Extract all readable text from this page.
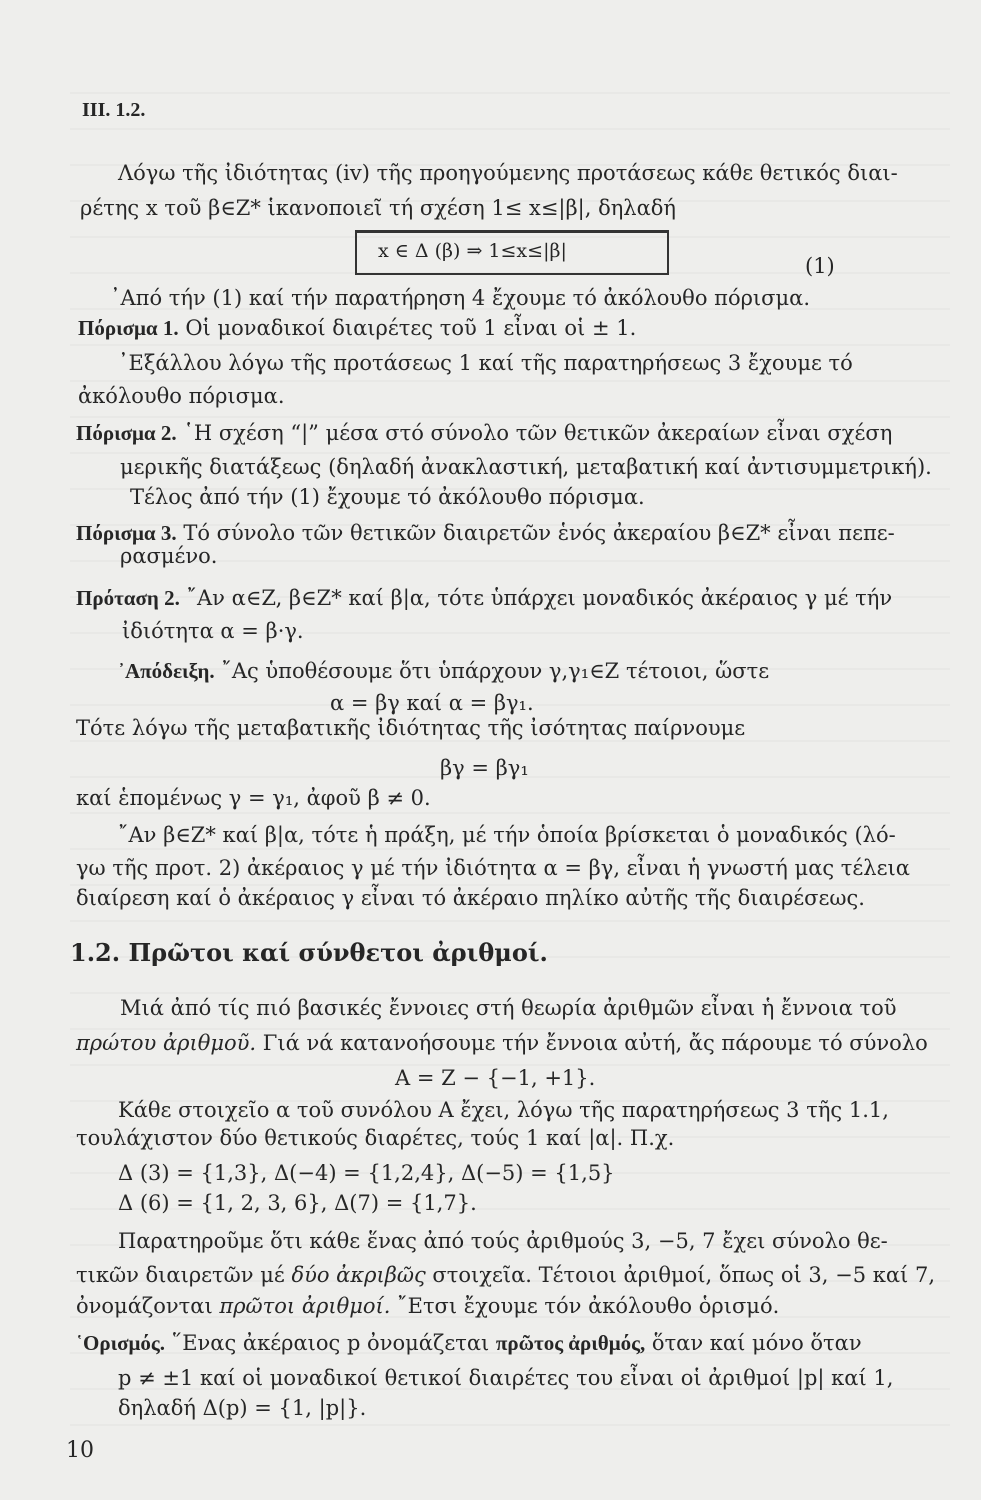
ΙΙΙ. 1.2.
Λόγω τῆς ἰδιότητας (iv) τῆς προηγούμενης προτάσεως κάθε θετικός διαι-
ρέτης x τοῦ β∈Z* ἱκανοποιεῖ τή σχέση 1≤ x≤|β|, δηλαδή
x ∈ Δ (β) ⇒ 1≤x≤|β|
(1)
᾿Από τήν (1) καί τήν παρατήρηση 4 ἔχουμε τό ἀκόλουθο πόρισμα.
Πόρισμα 1. Οἱ μοναδικοί διαιρέτες τοῦ 1 εἶναι οἱ ± 1.
᾿Εξάλλου λόγω τῆς προτάσεως 1 καί τῆς παρατηρήσεως 3 ἔχουμε τό
ἀκόλουθο πόρισμα.
Πόρισμα 2. ῾Η σχέση “|” μέσα στό σύνολο τῶν θετικῶν ἀκεραίων εἶναι σχέση
μερικῆς διατάξεως (δηλαδή ἀνακλαστική, μεταβατική καί ἀντισυμμετρική).
Τέλος ἀπό τήν (1) ἔχουμε τό ἀκόλουθο πόρισμα.
Πόρισμα 3. Τό σύνολο τῶν θετικῶν διαιρετῶν ἑνός ἀκεραίου β∈Z* εἶναι πεπε-
ρασμένο.
Πρόταση 2. ῎Αν α∈Z, β∈Z* καί β|α, τότε ὑπάρχει μοναδικός ἀκέραιος γ μέ τήν
ἰδιότητα α = β·γ.
᾿Απόδειξη. ῎Ας ὑποθέσουμε ὅτι ὑπάρχουν γ,γ₁∈Z τέτοιοι, ὥστε
α = βγ καί α = βγ₁.
Τότε λόγω τῆς μεταβατικῆς ἰδιότητας τῆς ἰσότητας παίρνουμε
βγ = βγ₁
καί ἑπομένως γ = γ₁, ἀφοῦ β ≠ 0.
῎Αν β∈Z* καί β|α, τότε ἡ πράξη, μέ τήν ὁποία βρίσκεται ὁ μοναδικός (λό-
γω τῆς προτ. 2) ἀκέραιος γ μέ τήν ἰδιότητα α = βγ, εἶναι ἡ γνωστή μας τέλεια
διαίρεση καί ὁ ἀκέραιος γ εἶναι τό ἀκέραιο πηλίκο αὐτῆς τῆς διαιρέσεως.
1.2. Πρῶτοι καί σύνθετοι ἀριθμοί.
Μιά ἀπό τίς πιό βασικές ἔννοιες στή θεωρία ἀριθμῶν εἶναι ἡ ἔννοια τοῦ
πρώτου ἀριθμοῦ. Γιά νά κατανοήσουμε τήν ἔννοια αὐτή, ἄς πάρουμε τό σύνολο
A = Z − {−1, +1}.
Κάθε στοιχεῖο α τοῦ συνόλου A ἔχει, λόγω τῆς παρατηρήσεως 3 τῆς 1.1,
τουλάχιστον δύο θετικούς διαρέτες, τούς 1 καί |α|. Π.χ.
Δ (3) = {1,3}, Δ(−4) = {1,2,4}, Δ(−5) = {1,5}
Δ (6) = {1, 2, 3, 6}, Δ(7) = {1,7}.
Παρατηροῦμε ὅτι κάθε ἕνας ἀπό τούς ἀριθμούς 3, −5, 7 ἔχει σύνολο θε-
τικῶν διαιρετῶν μέ δύο ἀκριβῶς στοιχεῖα. Τέτοιοι ἀριθμοί, ὅπως οἱ 3, −5 καί 7,
ὀνομάζονται πρῶτοι ἀριθμοί. ῎Ετσι ἔχουμε τόν ἀκόλουθο ὁρισμό.
῾Ορισμός. ῞Ενας ἀκέραιος p ὀνομάζεται πρῶτος ἀριθμός, ὅταν καί μόνο ὅταν
p ≠ ±1 καί οἱ μοναδικοί θετικοί διαιρέτες του εἶναι οἱ ἀριθμοί |p| καί 1,
δηλαδή Δ(p) = {1, |p|}.
10
